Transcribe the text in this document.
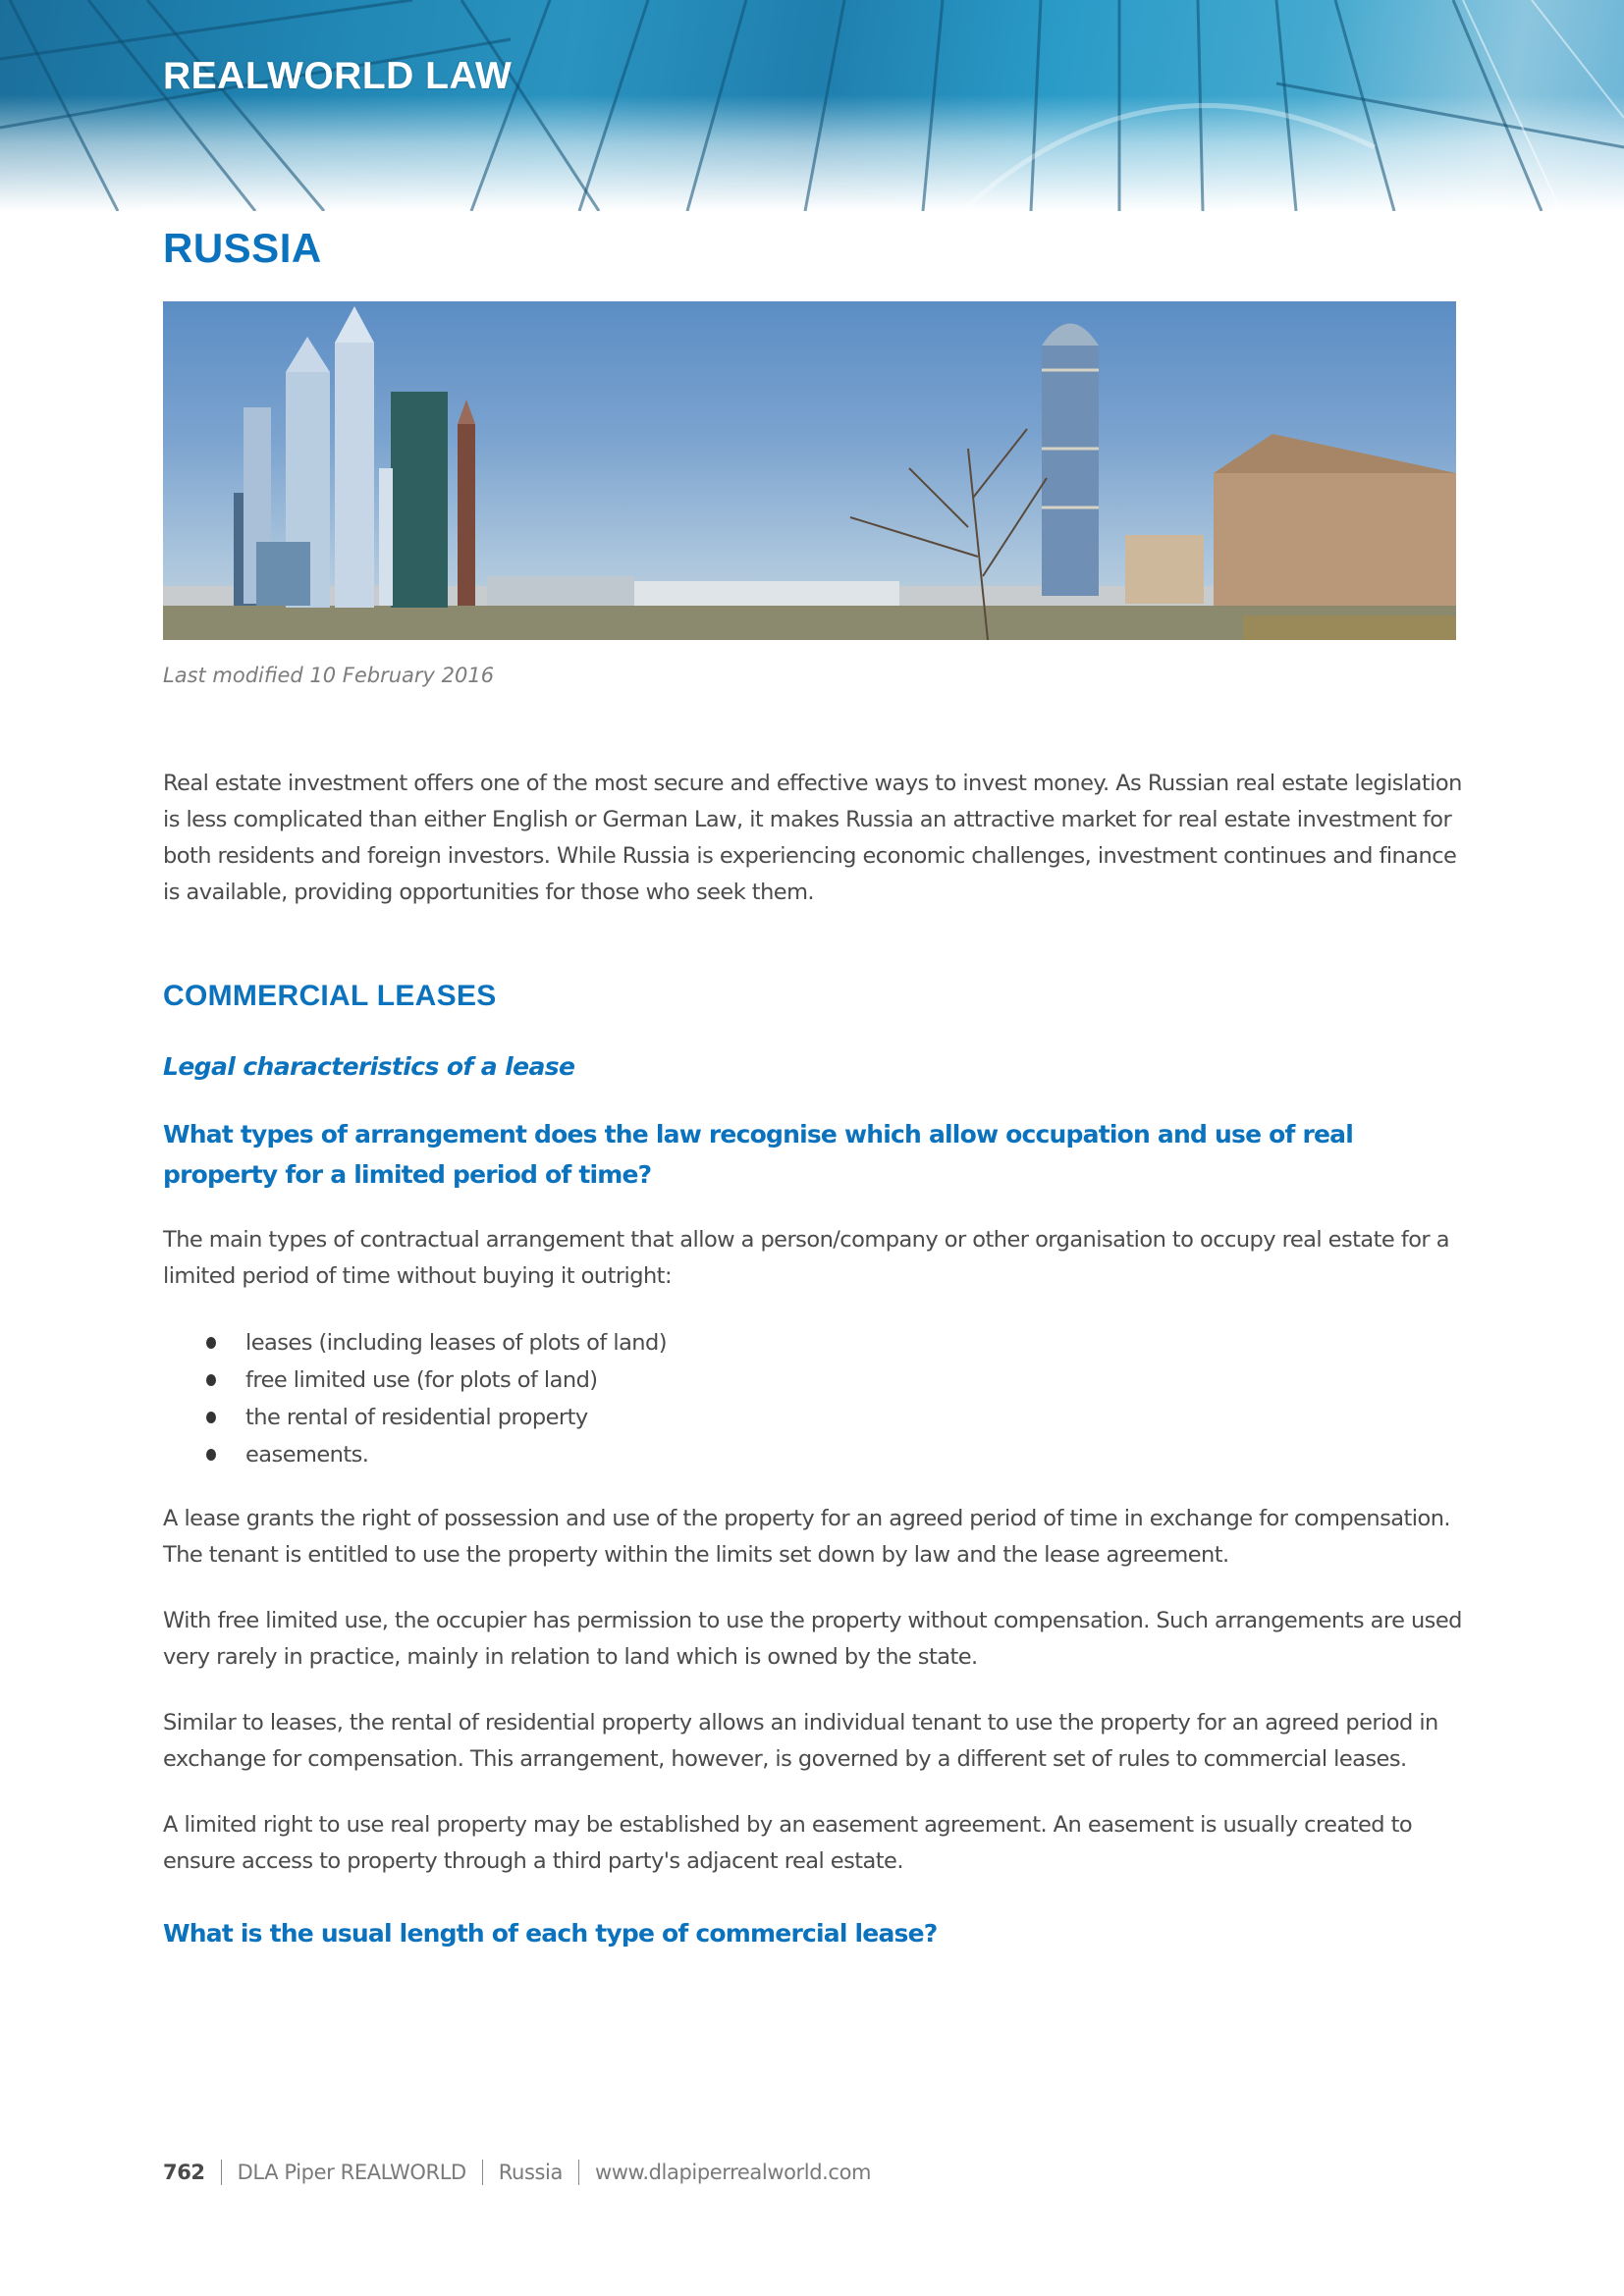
REALWORLD LAW
RUSSIA
Last modified 10 February 2016

Real estate investment offers one of the most secure and effective ways to invest money. As Russian real estate legislation is less complicated than either English or German Law, it makes Russia an attractive market for real estate investment for both residents and foreign investors. While Russia is experiencing economic challenges, investment continues and finance is available, providing opportunities for those who seek them.

COMMERCIAL LEASES
Legal characteristics of a lease
What types of arrangement does the law recognise which allow occupation and use of real property for a limited period of time?

The main types of contractual arrangement that allow a person/company or other organisation to occupy real estate for a limited period of time without buying it outright:

leases (including leases of plots of land)
free limited use (for plots of land)
the rental of residential property
easements.

A lease grants the right of possession and use of the property for an agreed period of time in exchange for compensation. The tenant is entitled to use the property within the limits set down by law and the lease agreement.

With free limited use, the occupier has permission to use the property without compensation. Such arrangements are used very rarely in practice, mainly in relation to land which is owned by the state.

Similar to leases, the rental of residential property allows an individual tenant to use the property for an agreed period in exchange for compensation. This arrangement, however, is governed by a different set of rules to commercial leases.

A limited right to use real property may be established by an easement agreement. An easement is usually created to ensure access to property through a third party's adjacent real estate.

What is the usual length of each type of commercial lease?
762 DLA Piper REALWORLD Russia www.dlapiperrealworld.com
